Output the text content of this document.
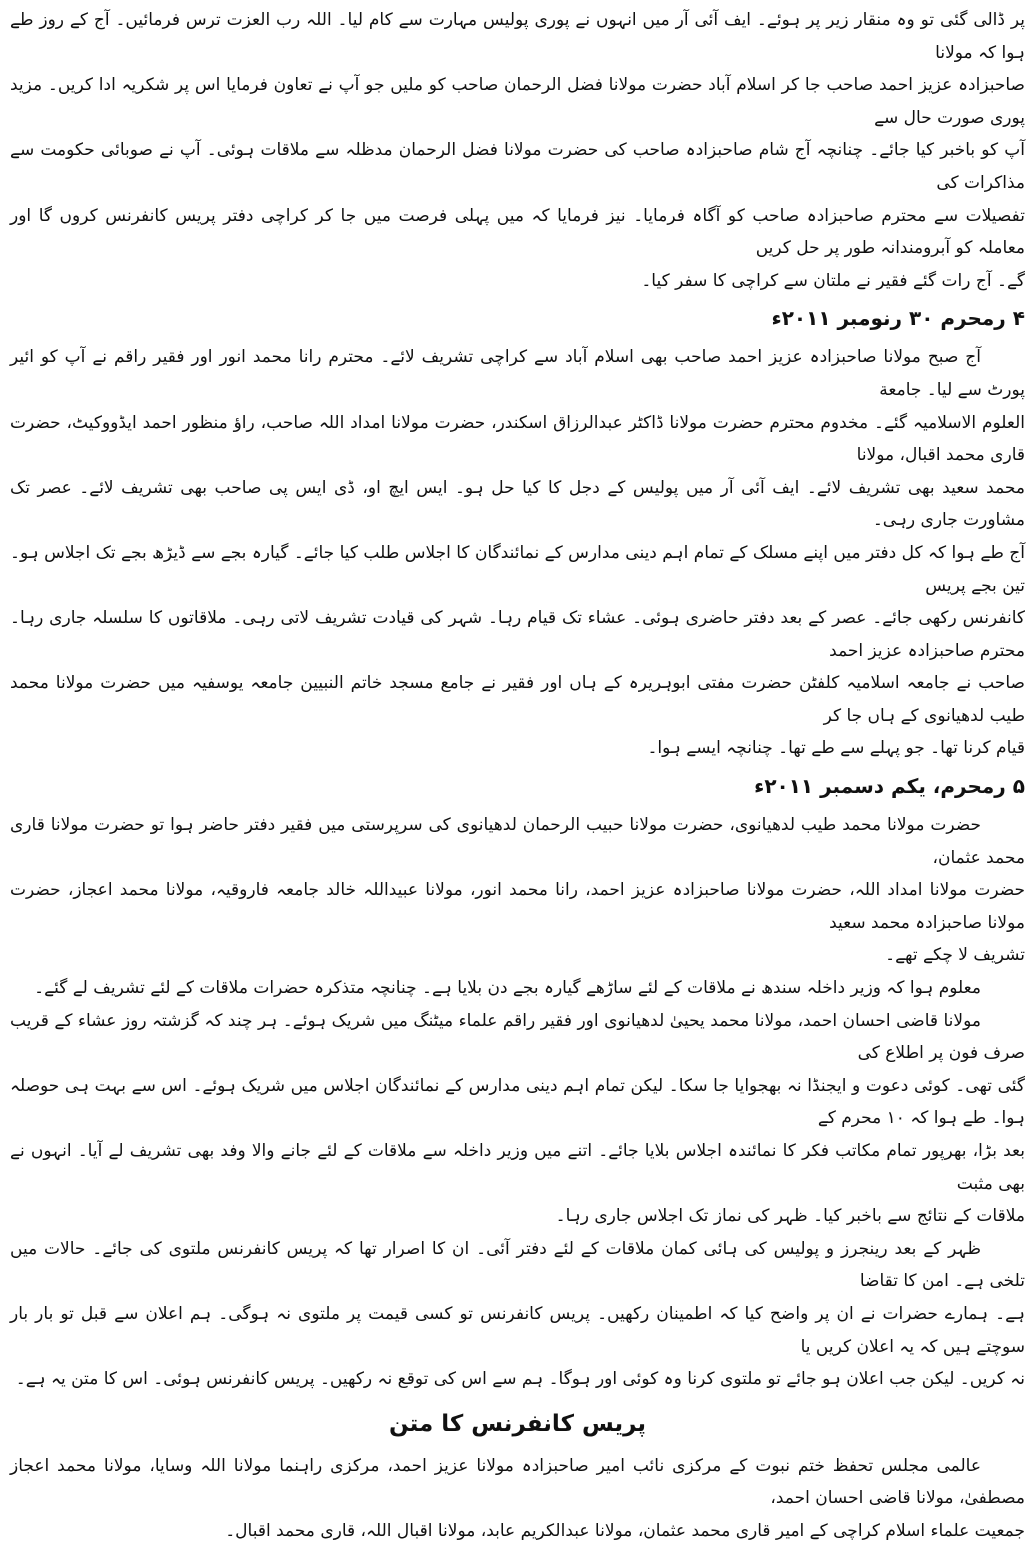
پر ڈالی گئی تو وہ منقار زیر پر ہوئے۔ ایف آئی آر میں انہوں نے پوری پولیس مہارت سے کام لیا۔ اللہ رب العزت ترس فرمائیں۔ آج کے روز طے ہوا کہ مولانا
صاحبزادہ عزیز احمد صاحب جا کر اسلام آباد حضرت مولانا فضل الرحمان صاحب کو ملیں جو آپ نے تعاون فرمایا اس پر شکریہ ادا کریں۔ مزید پوری صورت حال سے
آپ کو باخبر کیا جائے۔ چنانچہ آج شام صاحبزادہ صاحب کی حضرت مولانا فضل الرحمان مدظلہ سے ملاقات ہوئی۔ آپ نے صوبائی حکومت سے مذاکرات کی
تفصیلات سے محترم صاحبزادہ صاحب کو آگاہ فرمایا۔ نیز فرمایا کہ میں پہلی فرصت میں جا کر کراچی دفتر پریس کانفرنس کروں گا اور معاملہ کو آبرومندانہ طور پر حل کریں
گے۔ آج رات گئے فقیر نے ملتان سے کراچی کا سفر کیا۔

۴ رمحرم ۳۰ رنومبر ۲۰۱۱ء

آج صبح مولانا صاحبزادہ عزیز احمد صاحب بھی اسلام آباد سے کراچی تشریف لائے۔ محترم رانا محمد انور اور فقیر راقم نے آپ کو ائیر پورٹ سے لیا۔ جامعة
العلوم الاسلامیہ گئے۔ مخدوم محترم حضرت مولانا ڈاکٹر عبدالرزاق اسکندر، حضرت مولانا امداد اللہ صاحب، راؤ منظور احمد ایڈووکیٹ، حضرت قاری محمد اقبال، مولانا
محمد سعید بھی تشریف لائے۔ ایف آئی آر میں پولیس کے دجل کا کیا حل ہو۔ ایس ایچ او، ڈی ایس پی صاحب بھی تشریف لائے۔ عصر تک مشاورت جاری رہی۔
آج طے ہوا کہ کل دفتر میں اپنے مسلک کے تمام اہم دینی مدارس کے نمائندگان کا اجلاس طلب کیا جائے۔ گیارہ بجے سے ڈیڑھ بجے تک اجلاس ہو۔ تین بجے پریس
کانفرنس رکھی جائے۔ عصر کے بعد دفتر حاضری ہوئی۔ عشاء تک قیام رہا۔ شہر کی قیادت تشریف لاتی رہی۔ ملاقاتوں کا سلسلہ جاری رہا۔ محترم صاحبزادہ عزیز احمد
صاحب نے جامعہ اسلامیہ کلفٹن حضرت مفتی ابوہریرہ کے ہاں اور فقیر نے جامع مسجد خاتم النبیین جامعہ یوسفیہ میں حضرت مولانا محمد طیب لدھیانوی کے ہاں جا کر
قیام کرنا تھا۔ جو پہلے سے طے تھا۔ چنانچہ ایسے ہوا۔

۵ رمحرم، یکم دسمبر ۲۰۱۱ء

حضرت مولانا محمد طیب لدھیانوی، حضرت مولانا حبیب الرحمان لدھیانوی کی سرپرستی میں فقیر دفتر حاضر ہوا تو حضرت مولانا قاری محمد عثمان،
حضرت مولانا امداد اللہ، حضرت مولانا صاحبزادہ عزیز احمد، رانا محمد انور، مولانا عبیداللہ خالد جامعہ فاروقیہ، مولانا محمد اعجاز، حضرت مولانا صاحبزادہ محمد سعید
تشریف لا چکے تھے۔

معلوم ہوا کہ وزیر داخلہ سندھ نے ملاقات کے لئے ساڑھے گیارہ بجے دن بلایا ہے۔ چنانچہ متذکرہ حضرات ملاقات کے لئے تشریف لے گئے۔

مولانا قاضی احسان احمد، مولانا محمد یحییٰ لدھیانوی اور فقیر راقم علماء میٹنگ میں شریک ہوئے۔ ہر چند کہ گزشتہ روز عشاء کے قریب صرف فون پر اطلاع کی
گئی تھی۔ کوئی دعوت و ایجنڈا نہ بھجوایا جا سکا۔ لیکن تمام اہم دینی مدارس کے نمائندگان اجلاس میں شریک ہوئے۔ اس سے بہت ہی حوصلہ ہوا۔ طے ہوا کہ ۱۰ محرم کے
بعد بڑا، بھرپور تمام مکاتب فکر کا نمائندہ اجلاس بلایا جائے۔ اتنے میں وزیر داخلہ سے ملاقات کے لئے جانے والا وفد بھی تشریف لے آیا۔ انہوں نے بھی مثبت
ملاقات کے نتائج سے باخبر کیا۔ ظہر کی نماز تک اجلاس جاری رہا۔

ظہر کے بعد رینجرز و پولیس کی ہائی کمان ملاقات کے لئے دفتر آئی۔ ان کا اصرار تھا کہ پریس کانفرنس ملتوی کی جائے۔ حالات میں تلخی ہے۔ امن کا تقاضا
ہے۔ ہمارے حضرات نے ان پر واضح کیا کہ اطمینان رکھیں۔ پریس کانفرنس تو کسی قیمت پر ملتوی نہ ہوگی۔ ہم اعلان سے قبل تو بار بار سوچتے ہیں کہ یہ اعلان کریں یا
نہ کریں۔ لیکن جب اعلان ہو جائے تو ملتوی کرنا وہ کوئی اور ہوگا۔ ہم سے اس کی توقع نہ رکھیں۔ پریس کانفرنس ہوئی۔ اس کا متن یہ ہے۔

پریس کانفرنس کا متن

عالمی مجلس تحفظ ختم نبوت کے مرکزی نائب امیر صاحبزادہ مولانا عزیز احمد، مرکزی راہنما مولانا اللہ وسایا، مولانا محمد اعجاز مصطفیٰ، مولانا قاضی احسان احمد،
جمعیت علماء اسلام کراچی کے امیر قاری محمد عثمان، مولانا عبدالکریم عابد، مولانا اقبال اللہ، قاری محمد اقبال۔
